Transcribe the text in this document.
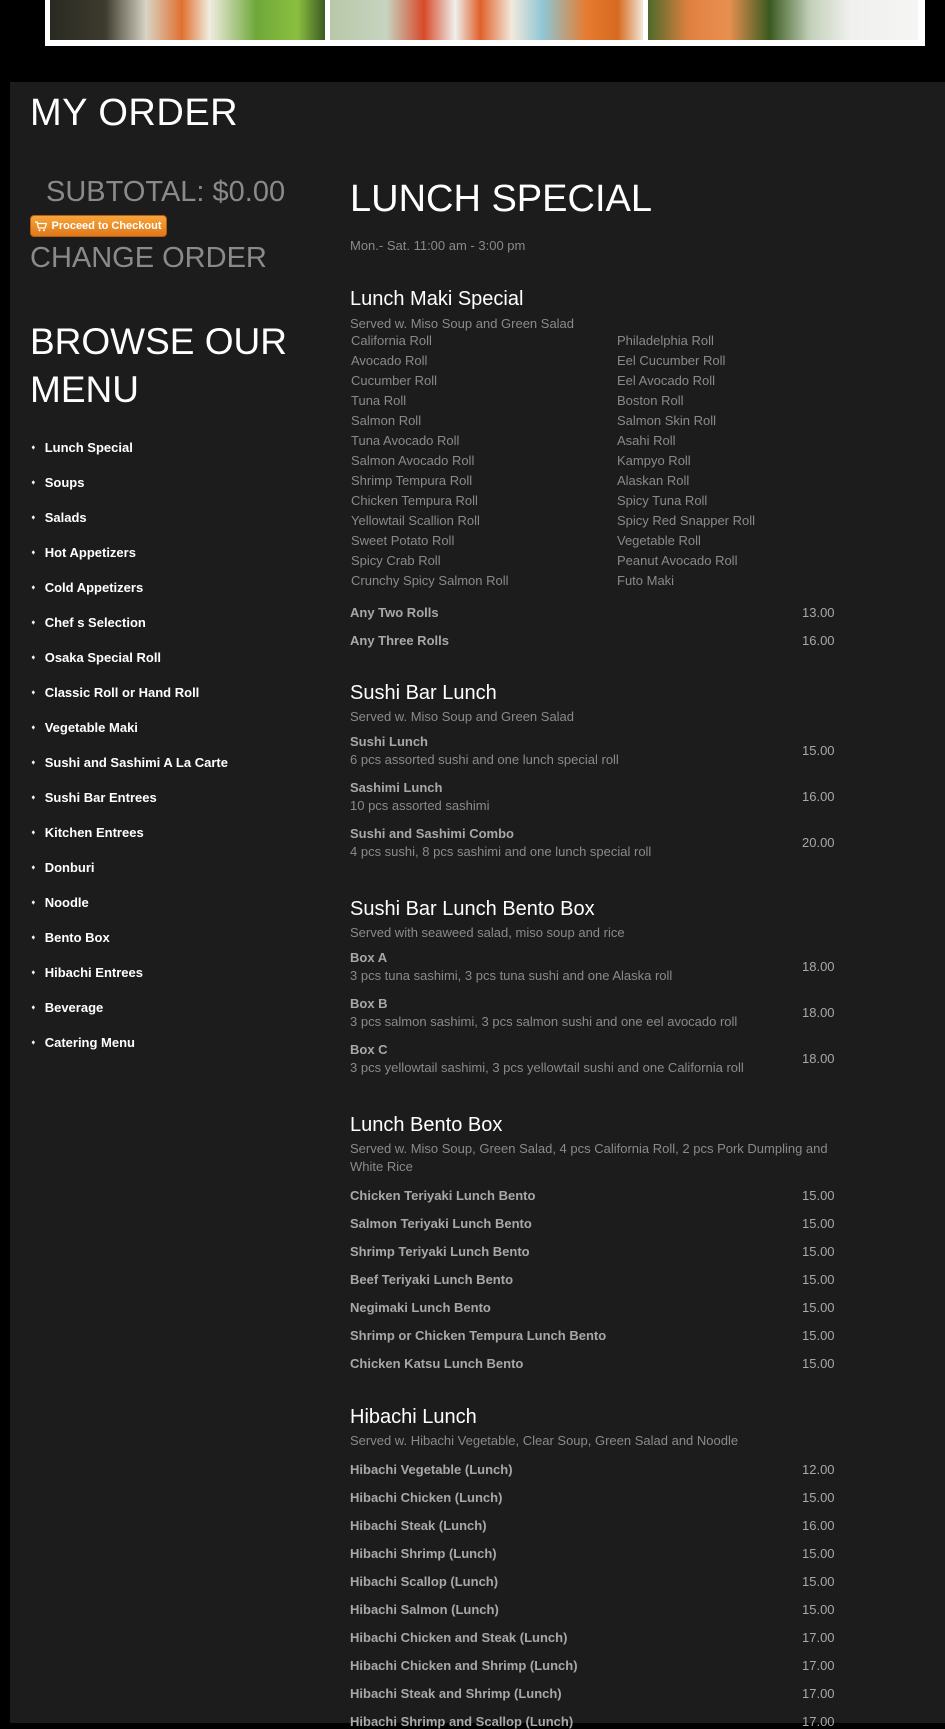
MY ORDER
SUBTOTAL: $0.00
Proceed to Checkout
CHANGE ORDER
BROWSE OUR MENU
➧ Lunch Special
➧ Soups
➧ Salads
➧ Hot Appetizers
➧ Cold Appetizers
➧ Chef s Selection
➧ Osaka Special Roll
➧ Classic Roll or Hand Roll
➧ Vegetable Maki
➧ Sushi and Sashimi A La Carte
➧ Sushi Bar Entrees
➧ Kitchen Entrees
➧ Donburi
➧ Noodle
➧ Bento Box
➧ Hibachi Entrees
➧ Beverage
➧ Catering Menu
LUNCH SPECIAL
Mon.- Sat. 11:00 am - 3:00 pm
Lunch Maki Special
Served w. Miso Soup and Green Salad
California Roll
Avocado Roll
Cucumber Roll
Tuna Roll
Salmon Roll
Tuna Avocado Roll
Salmon Avocado Roll
Shrimp Tempura Roll
Chicken Tempura Roll
Yellowtail Scallion Roll
Sweet Potato Roll
Spicy Crab Roll
Crunchy Spicy Salmon Roll
Philadelphia Roll
Eel Cucumber Roll
Eel Avocado Roll
Boston Roll
Salmon Skin Roll
Asahi Roll
Kampyo Roll
Alaskan Roll
Spicy Tuna Roll
Spicy Red Snapper Roll
Vegetable Roll
Peanut Avocado Roll
Futo Maki
Any Two Rolls	13.00
Any Three Rolls	16.00
Sushi Bar Lunch
Served w. Miso Soup and Green Salad
Sushi Lunch
6 pcs assorted sushi and one lunch special roll
15.00
Sashimi Lunch
10 pcs assorted sashimi
16.00
Sushi and Sashimi Combo
4 pcs sushi, 8 pcs sashimi and one lunch special roll
20.00
Sushi Bar Lunch Bento Box
Served with seaweed salad, miso soup and rice
Box A
3 pcs tuna sashimi, 3 pcs tuna sushi and one Alaska roll
18.00
Box B
3 pcs salmon sashimi, 3 pcs salmon sushi and one eel avocado roll
18.00
Box C
3 pcs yellowtail sashimi, 3 pcs yellowtail sushi and one California roll
18.00
Lunch Bento Box
Served w. Miso Soup, Green Salad, 4 pcs California Roll, 2 pcs Pork Dumpling and White Rice
Chicken Teriyaki Lunch Bento	15.00
Salmon Teriyaki Lunch Bento	15.00
Shrimp Teriyaki Lunch Bento	15.00
Beef Teriyaki Lunch Bento	15.00
Negimaki Lunch Bento	15.00
Shrimp or Chicken Tempura Lunch Bento	15.00
Chicken Katsu Lunch Bento	15.00
Hibachi Lunch
Served w. Hibachi Vegetable, Clear Soup, Green Salad and Noodle
Hibachi Vegetable (Lunch)	12.00
Hibachi Chicken (Lunch)	15.00
Hibachi Steak (Lunch)	16.00
Hibachi Shrimp (Lunch)	15.00
Hibachi Scallop (Lunch)	15.00
Hibachi Salmon (Lunch)	15.00
Hibachi Chicken and Steak (Lunch)	17.00
Hibachi Chicken and Shrimp (Lunch)	17.00
Hibachi Steak and Shrimp (Lunch)	17.00
Hibachi Shrimp and Scallop (Lunch)	17.00
